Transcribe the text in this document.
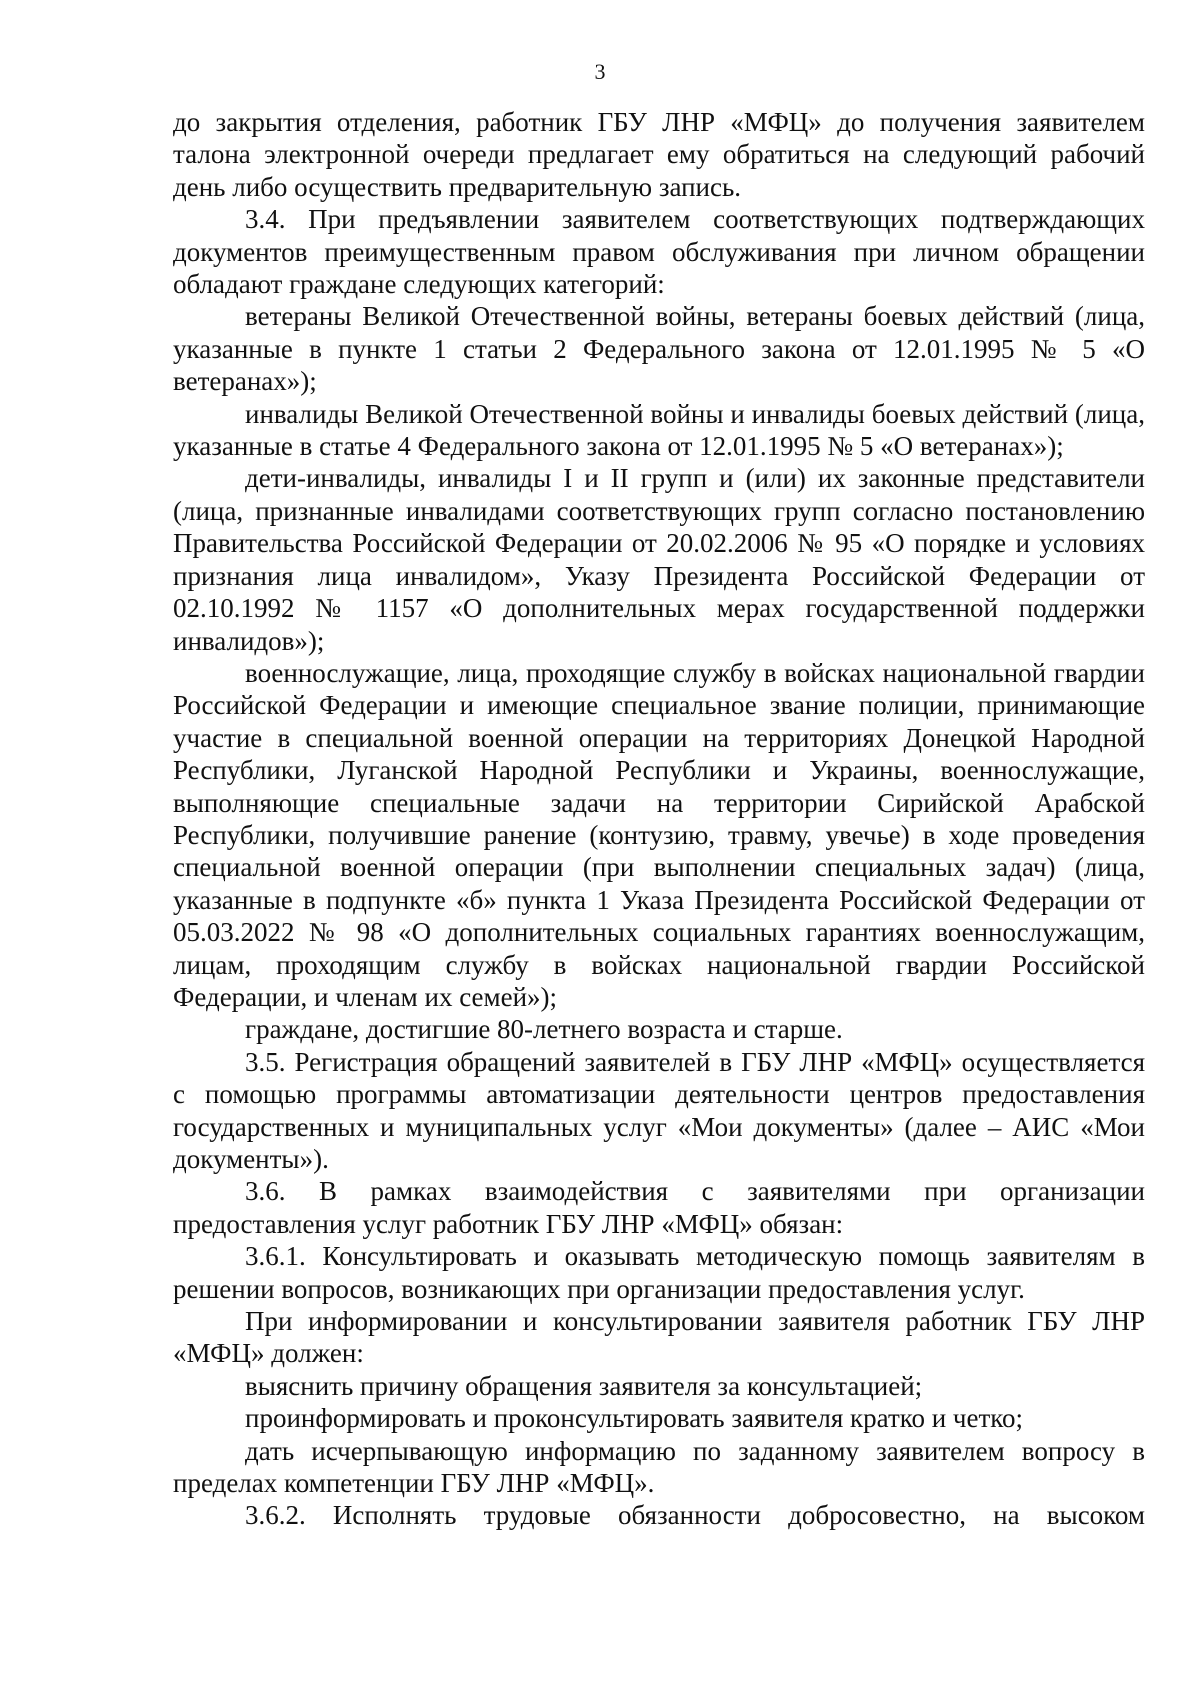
3

до закрытия отделения, работник ГБУ ЛНР «МФЦ» до получения заявителем талона электронной очереди предлагает ему обратиться на следующий рабочий день либо осуществить предварительную запись.

3.4. При предъявлении заявителем соответствующих подтверждающих документов преимущественным правом обслуживания при личном обращении обладают граждане следующих категорий:

ветераны Великой Отечественной войны, ветераны боевых действий (лица, указанные в пункте 1 статьи 2 Федерального закона от 12.01.1995 № 5 «О ветеранах»);

инвалиды Великой Отечественной войны и инвалиды боевых действий (лица, указанные в статье 4 Федерального закона от 12.01.1995 № 5 «О ветеранах»);

дети-инвалиды, инвалиды I и II групп и (или) их законные представители (лица, признанные инвалидами соответствующих групп согласно постановлению Правительства Российской Федерации от 20.02.2006 № 95 «О порядке и условиях признания лица инвалидом», Указу Президента Российской Федерации от 02.10.1992 № 1157 «О дополнительных мерах государственной поддержки инвалидов»);

военнослужащие, лица, проходящие службу в войсках национальной гвардии Российской Федерации и имеющие специальное звание полиции, принимающие участие в специальной военной операции на территориях Донецкой Народной Республики, Луганской Народной Республики и Украины, военнослужащие, выполняющие специальные задачи на территории Сирийской Арабской Республики, получившие ранение (контузию, травму, увечье) в ходе проведения специальной военной операции (при выполнении специальных задач) (лица, указанные в подпункте «б» пункта 1 Указа Президента Российской Федерации от 05.03.2022 № 98 «О дополнительных социальных гарантиях военнослужащим, лицам, проходящим службу в войсках национальной гвардии Российской Федерации, и членам их семей»);

граждане, достигшие 80-летнего возраста и старше.

3.5. Регистрация обращений заявителей в ГБУ ЛНР «МФЦ» осуществляется с помощью программы автоматизации деятельности центров предоставления государственных и муниципальных услуг «Мои документы» (далее – АИС «Мои документы»).

3.6. В рамках взаимодействия с заявителями при организации предоставления услуг работник ГБУ ЛНР «МФЦ» обязан:

3.6.1. Консультировать и оказывать методическую помощь заявителям в решении вопросов, возникающих при организации предоставления услуг.

При информировании и консультировании заявителя работник ГБУ ЛНР «МФЦ» должен:

выяснить причину обращения заявителя за консультацией;

проинформировать и проконсультировать заявителя кратко и четко;

дать исчерпывающую информацию по заданному заявителем вопросу в пределах компетенции ГБУ ЛНР «МФЦ».

3.6.2. Исполнять трудовые обязанности добросовестно, на высоком
